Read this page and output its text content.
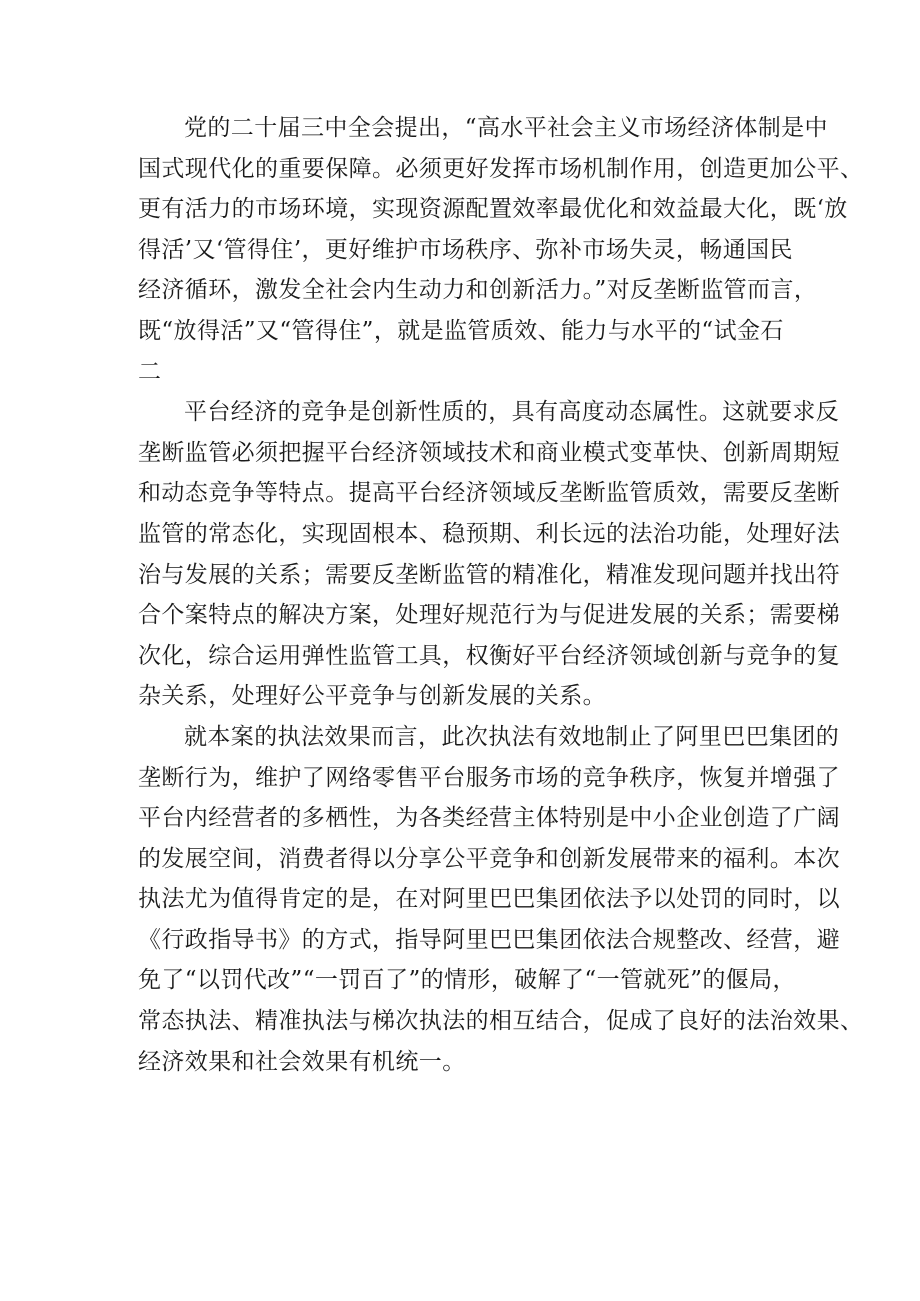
党的二十届三中全会提出，“高水平社会主义市场经济体制是中
国式现代化的重要保障。必须更好发挥市场机制作用，创造更加公平、
更有活力的市场环境，实现资源配置效率最优化和效益最大化，既‘放
得活’又‘管得住’，更好维护市场秩序、弥补市场失灵，畅通国民
经济循环，激发全社会内生动力和创新活力。”对反垄断监管而言，
既“放得活”又“管得住”，就是监管质效、能力与水平的“试金石
二

平台经济的竞争是创新性质的，具有高度动态属性。这就要求反
垄断监管必须把握平台经济领域技术和商业模式变革快、创新周期短
和动态竞争等特点。提高平台经济领域反垄断监管质效，需要反垄断
监管的常态化，实现固根本、稳预期、利长远的法治功能，处理好法
治与发展的关系；需要反垄断监管的精准化，精准发现问题并找出符
合个案特点的解决方案，处理好规范行为与促进发展的关系；需要梯
次化，综合运用弹性监管工具，权衡好平台经济领域创新与竞争的复
杂关系，处理好公平竞争与创新发展的关系。

就本案的执法效果而言，此次执法有效地制止了阿里巴巴集团的
垄断行为，维护了网络零售平台服务市场的竞争秩序，恢复并增强了
平台内经营者的多栖性，为各类经营主体特别是中小企业创造了广阔
的发展空间，消费者得以分享公平竞争和创新发展带来的福利。本次
执法尤为值得肯定的是，在对阿里巴巴集团依法予以处罚的同时，以
《行政指导书》的方式，指导阿里巴巴集团依法合规整改、经营，避
免了“以罚代改”“一罚百了”的情形，破解了“一管就死”的偃局，
常态执法、精准执法与梯次执法的相互结合，促成了良好的法治效果、
经济效果和社会效果有机统一。
